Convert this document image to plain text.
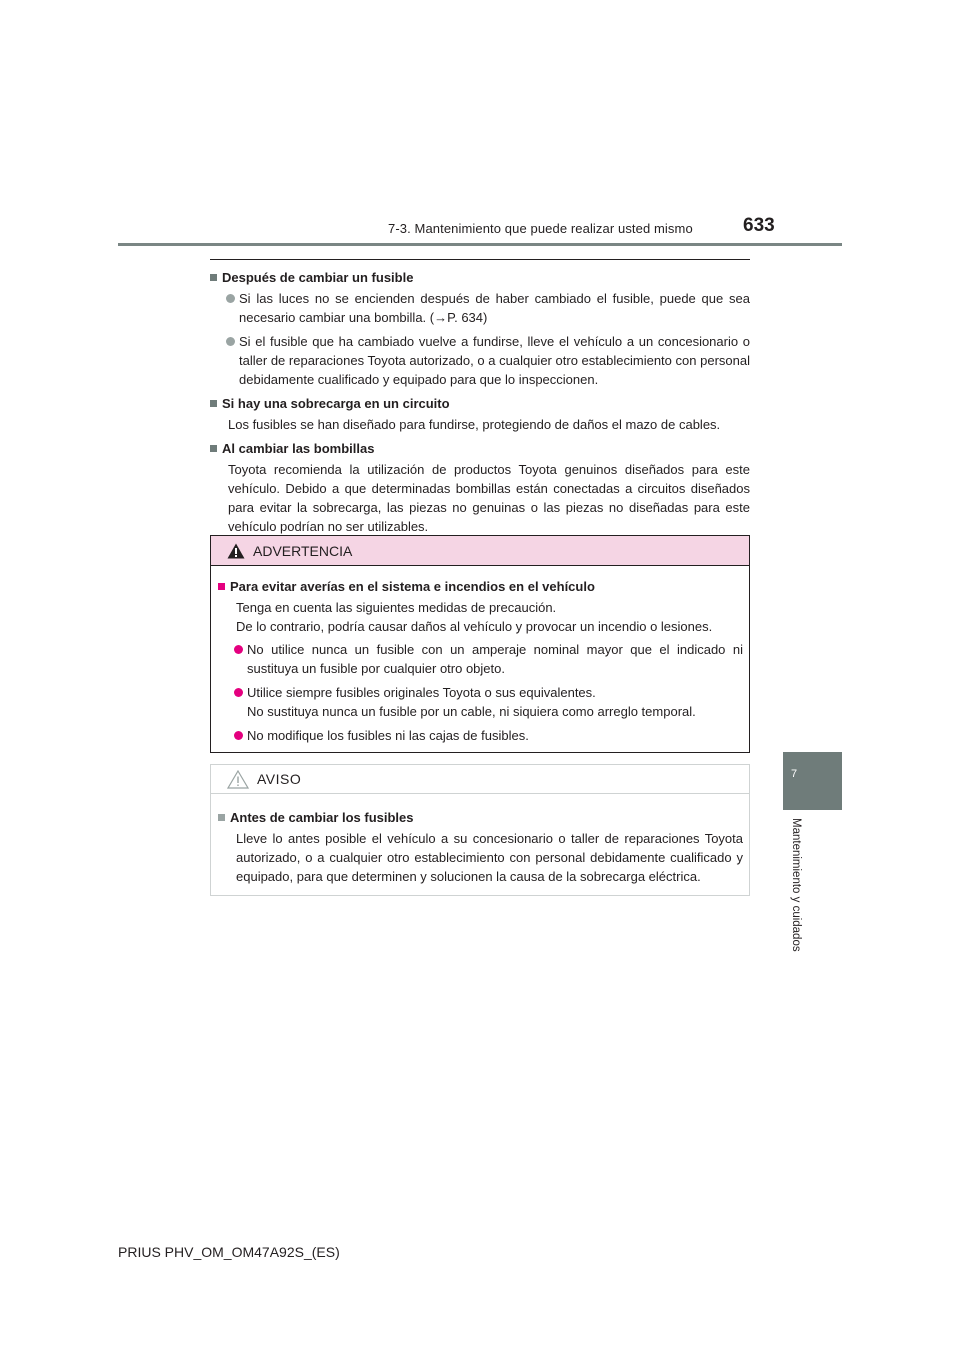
7-3. Mantenimiento que puede realizar usted mismo	633
7
Mantenimiento y cuidados
Después de cambiar un fusible
Si las luces no se encienden después de haber cambiado el fusible, puede que sea necesario cambiar una bombilla. (→P. 634)
Si el fusible que ha cambiado vuelve a fundirse, lleve el vehículo a un concesionario o taller de reparaciones Toyota autorizado, o a cualquier otro establecimiento con personal debidamente cualificado y equipado para que lo inspeccionen.
Si hay una sobrecarga en un circuito
Los fusibles se han diseñado para fundirse, protegiendo de daños el mazo de cables.
Al cambiar las bombillas
Toyota recomienda la utilización de productos Toyota genuinos diseñados para este vehículo. Debido a que determinadas bombillas están conectadas a circuitos diseñados para evitar la sobrecarga, las piezas no genuinas o las piezas no diseñadas para este vehículo podrían no ser utilizables.
ADVERTENCIA
Para evitar averías en el sistema e incendios en el vehículo
Tenga en cuenta las siguientes medidas de precaución.
De lo contrario, podría causar daños al vehículo y provocar un incendio o lesiones.
No utilice nunca un fusible con un amperaje nominal mayor que el indicado ni sustituya un fusible por cualquier otro objeto.
Utilice siempre fusibles originales Toyota o sus equivalentes.
No sustituya nunca un fusible por un cable, ni siquiera como arreglo temporal.
No modifique los fusibles ni las cajas de fusibles.
AVISO
Antes de cambiar los fusibles
Lleve lo antes posible el vehículo a su concesionario o taller de reparaciones Toyota autorizado, o a cualquier otro establecimiento con personal debidamente cualificado y equipado, para que determinen y solucionen la causa de la sobrecarga eléctrica.
PRIUS PHV_OM_OM47A92S_(ES)
